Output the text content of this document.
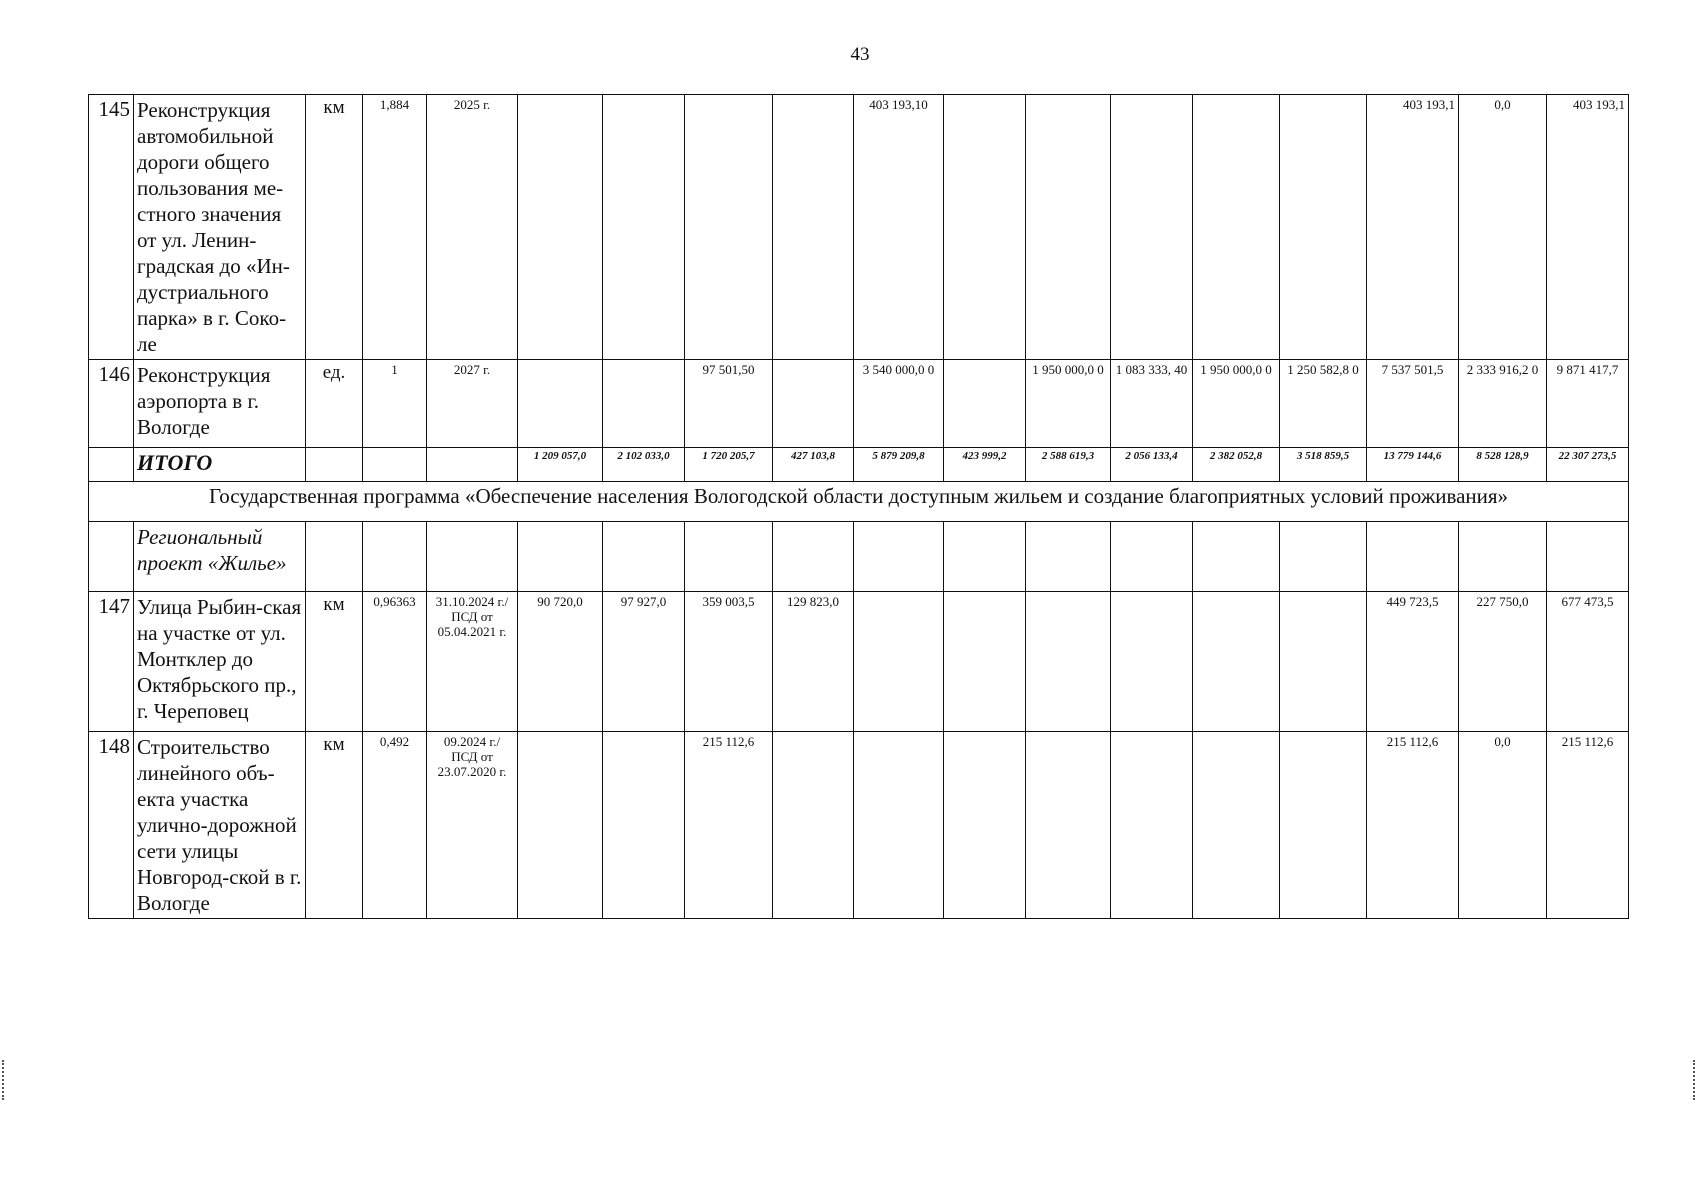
43
145	Реконструкция автомобильной дороги общего пользования ме-стного значения от ул. Ленин-градская до «Ин-дустриального парка» в г. Соко-ле	км	1,884	2025 г.					403 193,10						403 193,1	0,0	403 193,1
146	Реконструкция аэропорта в г. Вологде	ед.	1	2027 г.			97 501,50		3 540 000,0 0		1 950 000,0 0	1 083 333, 40	1 950 000,0 0	1 250 582,8 0	7 537 501,5	2 333 916,2 0	9 871 417,7
	ИТОГО				1 209 057,0	2 102 033,0	1 720 205,7	427 103,8	5 879 209,8	423 999,2	2 588 619,3	2 056 133,4	2 382 052,8	3 518 859,5	13 779 144,6	8 528 128,9	22 307 273,5
Государственная программа «Обеспечение населения Вологодской области доступным жильем и создание благоприятных условий проживания»																	
	Региональный проект «Жилье»																
147	Улица Рыбин-ская на участке от ул. Монтклер до Октябрьского пр., г. Череповец	км	0,96363	31.10.2024 г./ ПСД от 05.04.2021 г.	90 720,0	97 927,0	359 003,5	129 823,0							449 723,5	227 750,0	677 473,5
148	Строительство линейного объ-екта участка улично-дорожной сети улицы Новгород-ской в г. Вологде	км	0,492	09.2024 г./ ПСД от 23.07.2020 г.			215 112,6								215 112,6	0,0	215 112,6
